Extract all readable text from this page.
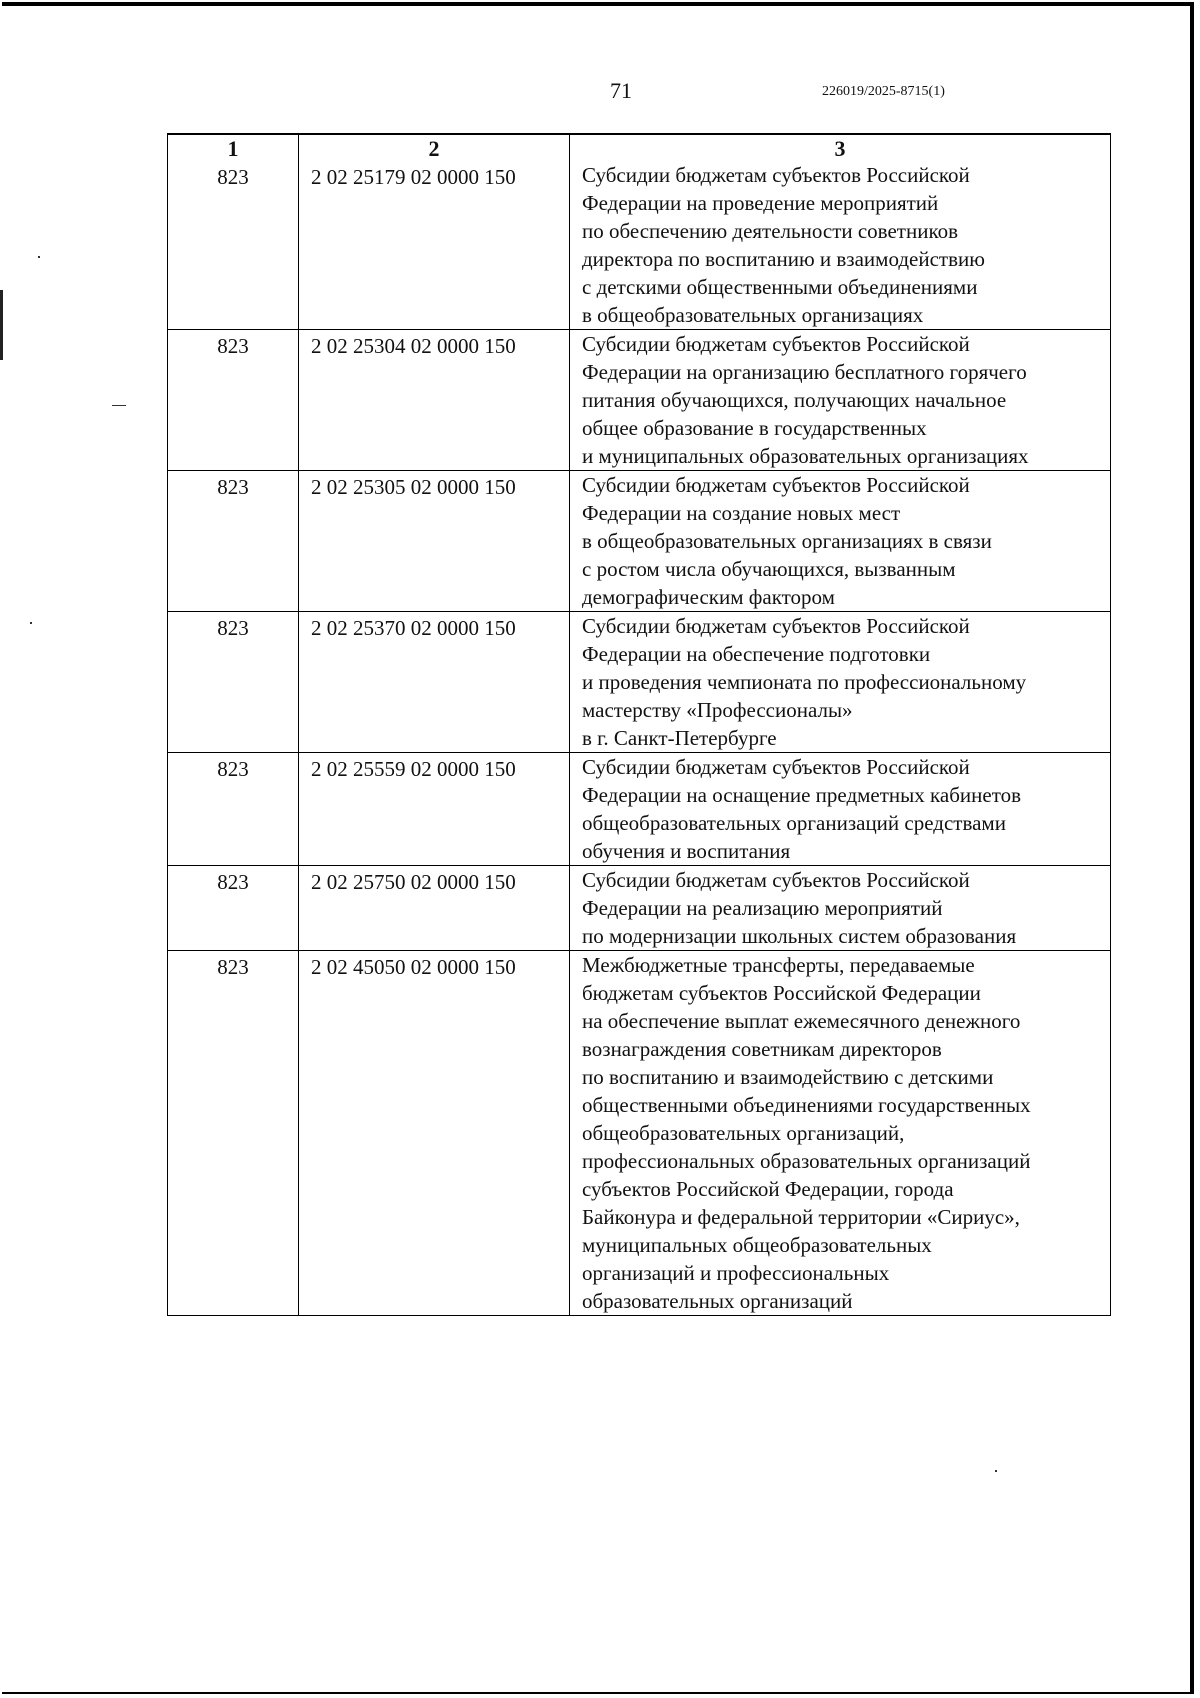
71	226019/2025-8715(1)
1	2	3
823	2 02 25179 02 0000 150	Субсидии бюджетам субъектов Российской
Федерации на проведение мероприятий
по обеспечению деятельности советников
директора по воспитанию и взаимодействию
с детскими общественными объединениями
в общеобразовательных организациях
823	2 02 25304 02 0000 150	Субсидии бюджетам субъектов Российской
Федерации на организацию бесплатного горячего
питания обучающихся, получающих начальное
общее образование в государственных
и муниципальных образовательных организациях
823	2 02 25305 02 0000 150	Субсидии бюджетам субъектов Российской
Федерации на создание новых мест
в общеобразовательных организациях в связи
с ростом числа обучающихся, вызванным
демографическим фактором
823	2 02 25370 02 0000 150	Субсидии бюджетам субъектов Российской
Федерации на обеспечение подготовки
и проведения чемпионата по профессиональному
мастерству «Профессионалы»
в г. Санкт-Петербурге
823	2 02 25559 02 0000 150	Субсидии бюджетам субъектов Российской
Федерации на оснащение предметных кабинетов
общеобразовательных организаций средствами
обучения и воспитания
823	2 02 25750 02 0000 150	Субсидии бюджетам субъектов Российской
Федерации на реализацию мероприятий
по модернизации школьных систем образования
823	2 02 45050 02 0000 150	Межбюджетные трансферты, передаваемые
бюджетам субъектов Российской Федерации
на обеспечение выплат ежемесячного денежного
вознаграждения советникам директоров
по воспитанию и взаимодействию с детскими
общественными объединениями государственных
общеобразовательных организаций,
профессиональных образовательных организаций
субъектов Российской Федерации, города
Байконура и федеральной территории «Сириус»,
муниципальных общеобразовательных
организаций и профессиональных
образовательных организаций
